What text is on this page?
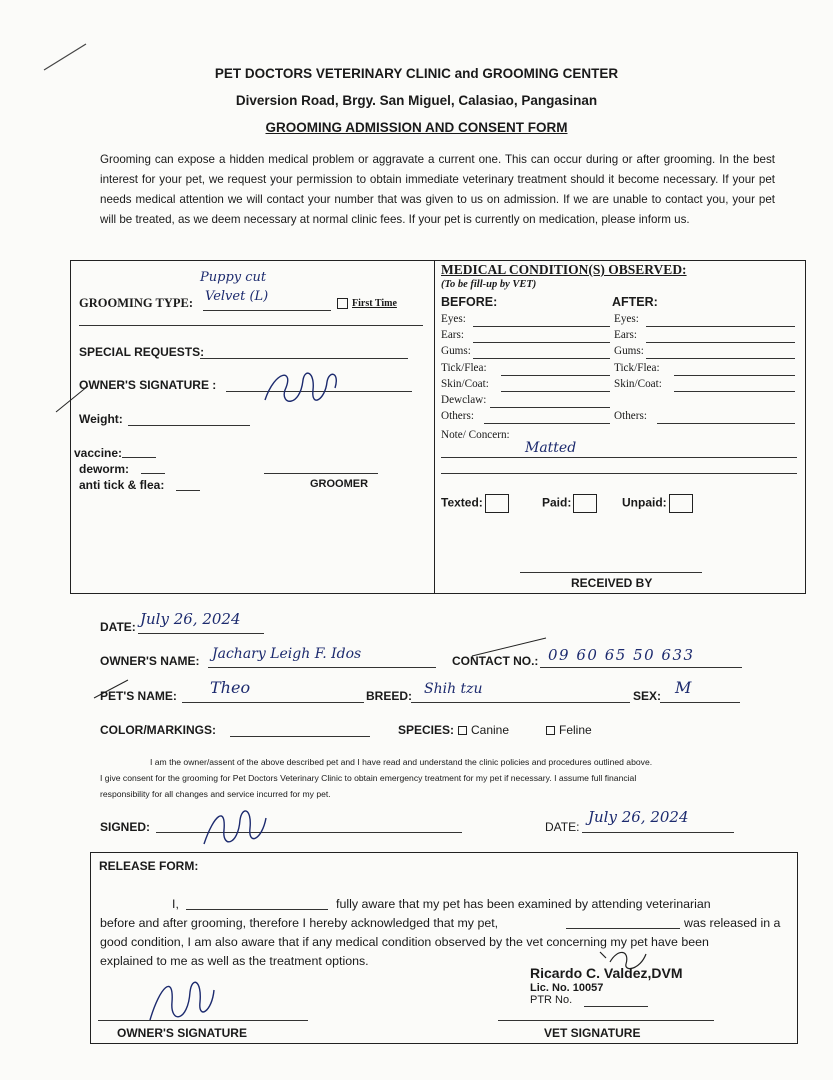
PET DOCTORS VETERINARY CLINIC and GROOMING CENTER
Diversion Road, Brgy. San Miguel, Calasiao, Pangasinan
GROOMING ADMISSION AND CONSENT FORM
Grooming can expose a hidden medical problem or aggravate a current one. This can occur during or after grooming. In the best interest for your pet, we request your permission to obtain immediate veterinary treatment should it become necessary. If your pet needs medical attention we will contact your number that was given to us on admission. If we are unable to contact you, your pet will be treated, as we deem necessary at normal clinic fees. If your pet is currently on medication, please inform us.
GROOMING TYPE:
Puppy cut
Velvet (L)	First Time
SPECIAL REQUESTS:
OWNER'S SIGNATURE :
Weight:
vaccine:
deworm:
anti tick & flea:	GROOMER
MEDICAL CONDITION(S) OBSERVED:
(To be fill-up by VET)
BEFORE:	AFTER:
Eyes:	Eyes:
Ears:	Ears:
Gums:	Gums:
Tick/Flea:	Tick/Flea:
Skin/Coat:	Skin/Coat:
Dewclaw:
Others:	Others:
Note/ Concern:
Matted
Texted:	Paid:	Unpaid:
RECEIVED BY
DATE: July 26, 2024
OWNER'S NAME: Jachary Leigh F. Idos	CONTACT NO.: 09 60 65 50 633
PET'S NAME: Theo	BREED: Shih tzu	SEX: M
COLOR/MARKINGS:	SPECIES:	Canine	Feline
I am the owner/assent of the above described pet and I have read and understand the clinic policies and procedures outlined above.
I give consent for the grooming for Pet Doctors Veterinary Clinic to obtain emergency treatment for my pet if necessary. I assume full financial
responsibility for all changes and service incurred for my pet.
SIGNED:	DATE:
July 26, 2024
RELEASE FORM:
I,	fully aware that my pet has been examined by attending veterinarian
before and after grooming, therefore I hereby acknowledged that my pet,	was released in a
good condition, I am also aware that if any medical condition observed by the vet concerning my pet have been
explained to me as well as the treatment options.
Ricardo C. Valdez,DVM
Lic. No. 10057
PTR No.
OWNER'S SIGNATURE	VET SIGNATURE
